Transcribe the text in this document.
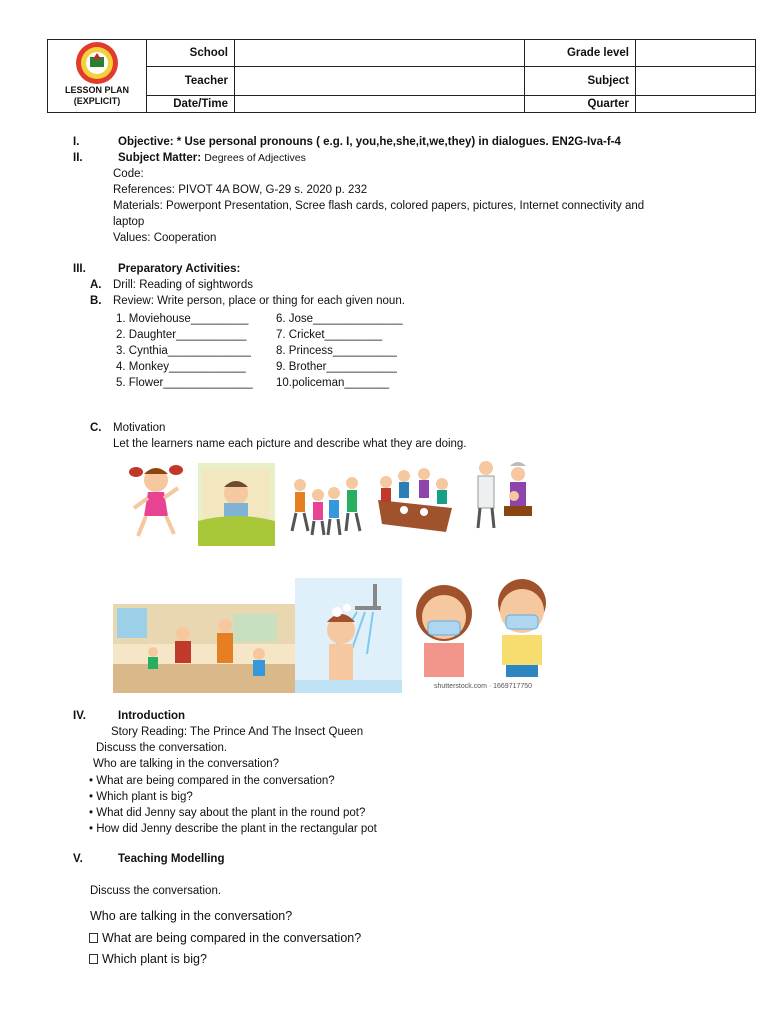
LESSON PLAN
(EXPLICIT)	School		Grade level	
	Teacher		Subject	
	Date/Time		Quarter	
I.	Objective: * Use personal pronouns ( e.g. I, you,he,she,it,we,they) in dialogues. EN2G-Iva-f-4
II.	Subject Matter: Degrees of Adjectives
Code:
References: PIVOT 4A BOW, G-29 s. 2020 p. 232
Materials: Powerpont Presentation, Scree flash cards, colored papers, pictures, Internet connectivity and
laptop
Values: Cooperation
III.	Preparatory Activities:
A. Drill: Reading of sightwords
B. Review: Write person, place or thing for each given noun.
1. Moviehouse_________
2. Daughter___________
3. Cynthia_____________
4. Monkey____________
5. Flower______________
6. Jose______________
7. Cricket_________
8. Princess__________
9. Brother___________
10.policeman_______
C. Motivation
Let the learners name each picture and describe what they are doing.
shutterstock.com · 1669717750
IV.	Introduction
Story Reading: The Prince And The Insect Queen
Discuss the conversation.
Who are talking in the conversation?
• What are being compared in the conversation?
• Which plant is big?
• What did Jenny say about the plant in the round pot?
• How did Jenny describe the plant in the rectangular pot
V.	Teaching Modelling
Discuss the conversation.
Who are talking in the conversation?
What are being compared in the conversation?
Which plant is big?
